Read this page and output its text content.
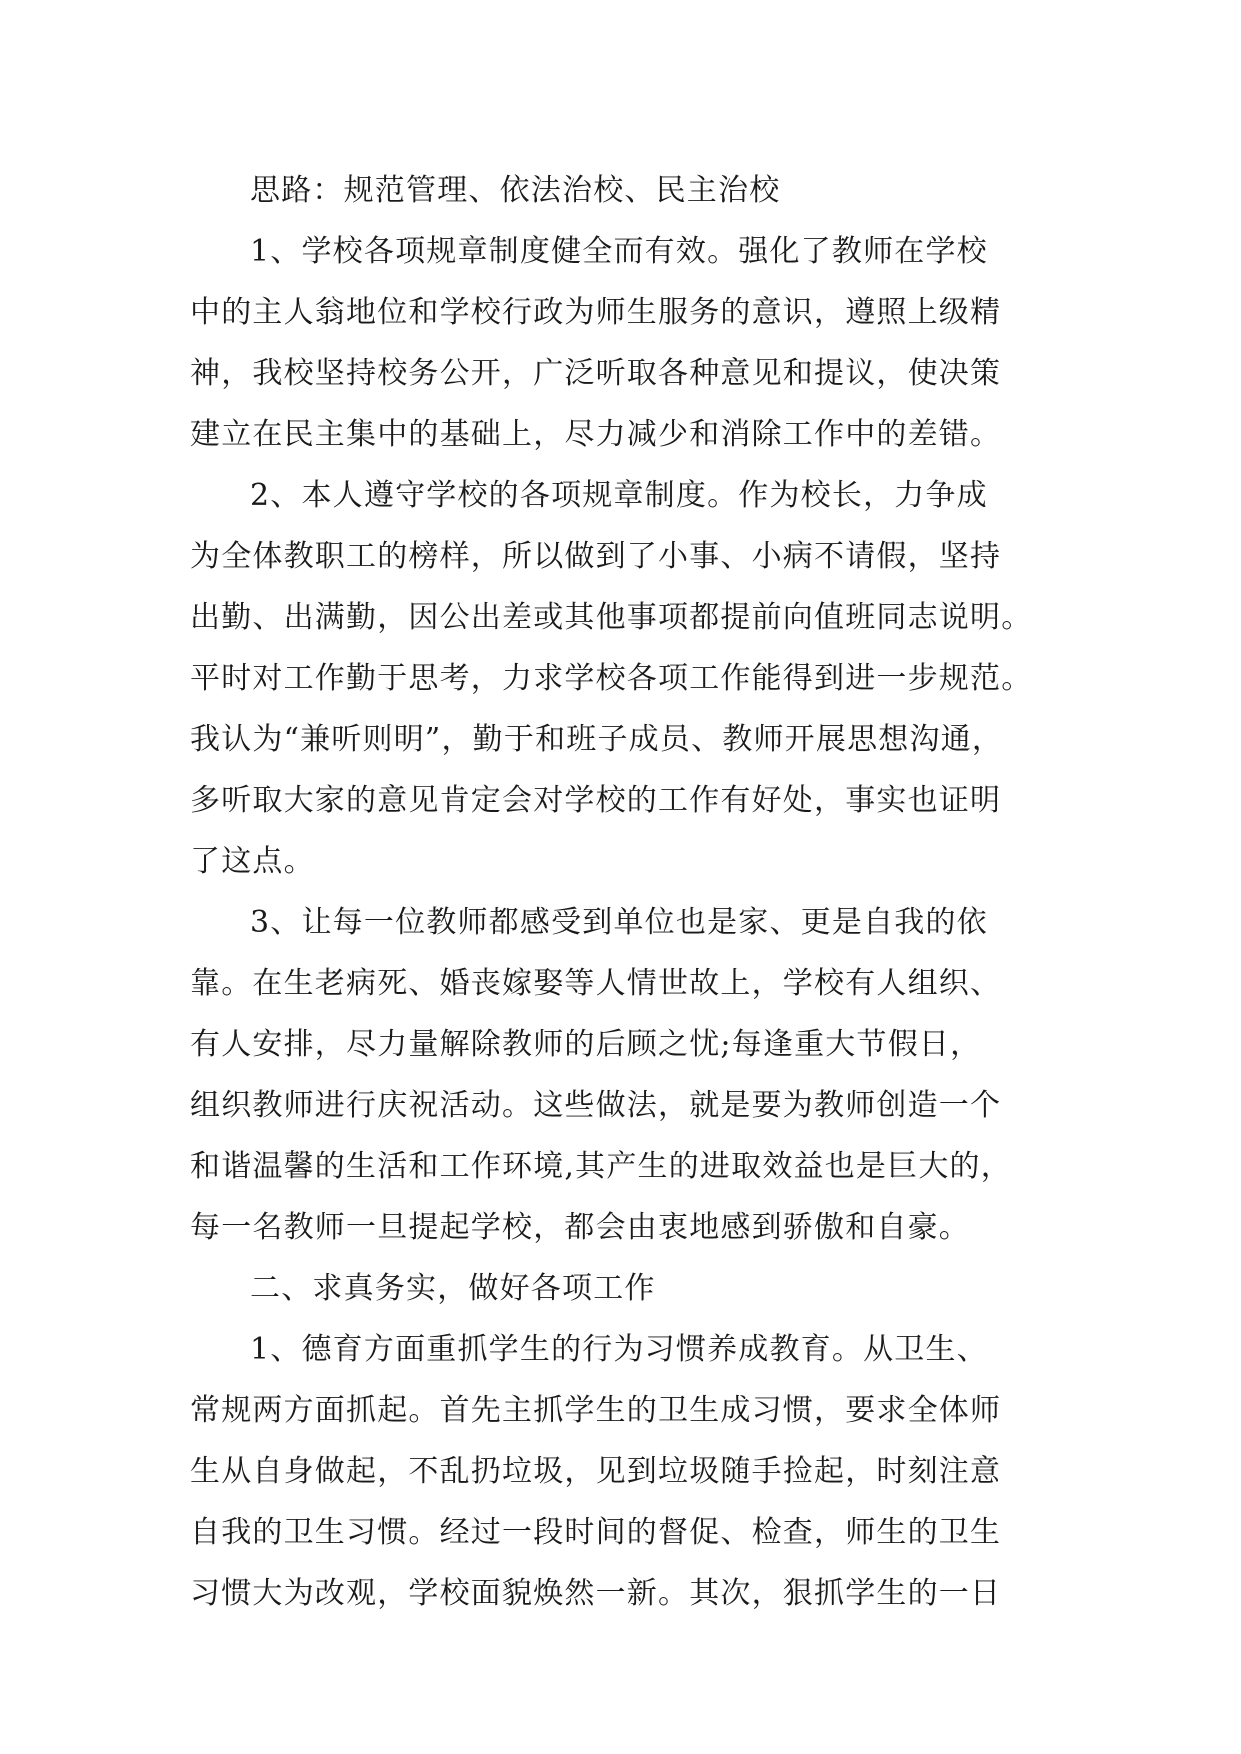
思路：规范管理、依法治校、民主治校
1、学校各项规章制度健全而有效。强化了教师在学校
中的主人翁地位和学校行政为师生服务的意识，遵照上级精
神，我校坚持校务公开，广泛听取各种意见和提议，使决策
建立在民主集中的基础上，尽力减少和消除工作中的差错。
2、本人遵守学校的各项规章制度。作为校长，力争成
为全体教职工的榜样，所以做到了小事、小病不请假，坚持
出勤、出满勤，因公出差或其他事项都提前向值班同志说明。
平时对工作勤于思考，力求学校各项工作能得到进一步规范。
我认为“兼听则明”，勤于和班子成员、教师开展思想沟通，
多听取大家的意见肯定会对学校的工作有好处，事实也证明
了这点。
3、让每一位教师都感受到单位也是家、更是自我的依
靠。在生老病死、婚丧嫁娶等人情世故上，学校有人组织、
有人安排，尽力量解除教师的后顾之忧;每逢重大节假日，
组织教师进行庆祝活动。这些做法，就是要为教师创造一个
和谐温馨的生活和工作环境,其产生的进取效益也是巨大的，
每一名教师一旦提起学校，都会由衷地感到骄傲和自豪。
二、求真务实，做好各项工作
1、德育方面重抓学生的行为习惯养成教育。从卫生、
常规两方面抓起。首先主抓学生的卫生成习惯，要求全体师
生从自身做起，不乱扔垃圾，见到垃圾随手捡起，时刻注意
自我的卫生习惯。经过一段时间的督促、检查，师生的卫生
习惯大为改观，学校面貌焕然一新。其次，狠抓学生的一日
